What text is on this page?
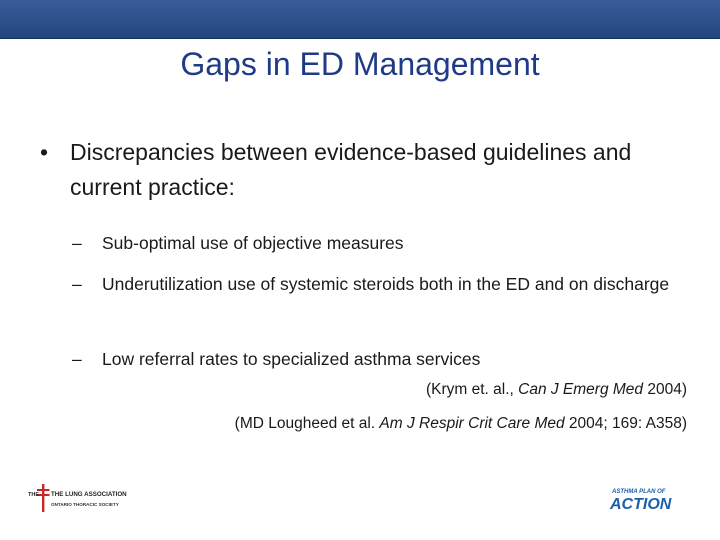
Gaps in ED Management
• Discrepancies between evidence-based guidelines and current practice:
– Sub-optimal use of objective measures
– Underutilization use of systemic steroids both in the ED and on discharge
– Low referral rates to specialized asthma services
(Krym et. al., Can J Emerg Med 2004)
(MD Lougheed et al. Am J Respir Crit Care Med 2004; 169: A358)
THE THE LUNG ASSOCIATION
ONTARIO THORACIC SOCIETY
ASTHMA PLAN OF
ACTION
